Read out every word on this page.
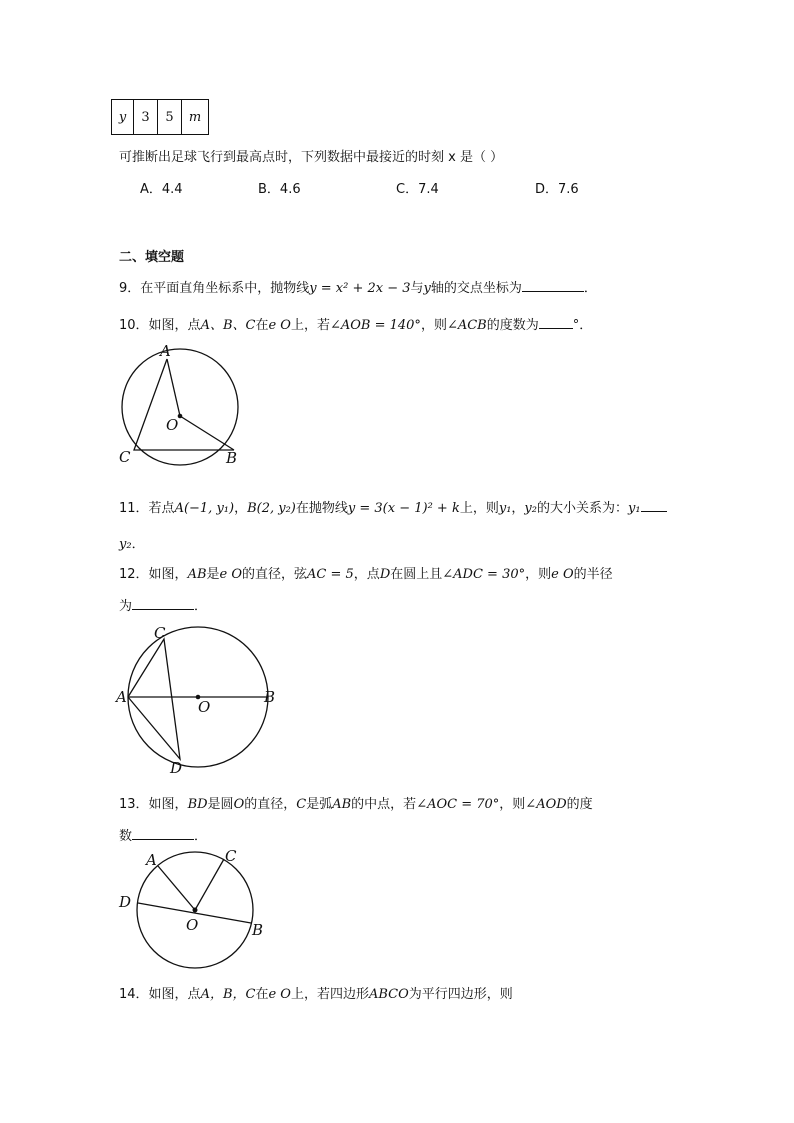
y	3	5	m
可推断出足球飞行到最高点时，下列数据中最接近的时刻 x 是（ ）
A．4.4	B．4.6	C．7.4	D．7.6
二、填空题
9．在平面直角坐标系中，抛物线y = x² + 2x − 3与y轴的交点坐标为	．
10．如图，点A、B、C在e O上，若∠AOB = 140°，则∠ACB的度数为	°．
A
O
C	B
11．若点A(−1, y₁)，B(2, y₂)在抛物线y = 3(x − 1)² + k上，则y₁，y₂的大小关系为：y₁
y₂．
12．如图，AB是e O的直径，弦AC = 5，点D在圆上且∠ADC = 30°，则e O的半径
为	．
C
A	B
O
D
13．如图，BD是圆O的直径，C是弧AB的中点，若∠AOC = 70°，则∠AOD的度
数	．
A	C
D
O	B
14．如图，点A，B，C在e O上，若四边形ABCO为平行四边形，则
